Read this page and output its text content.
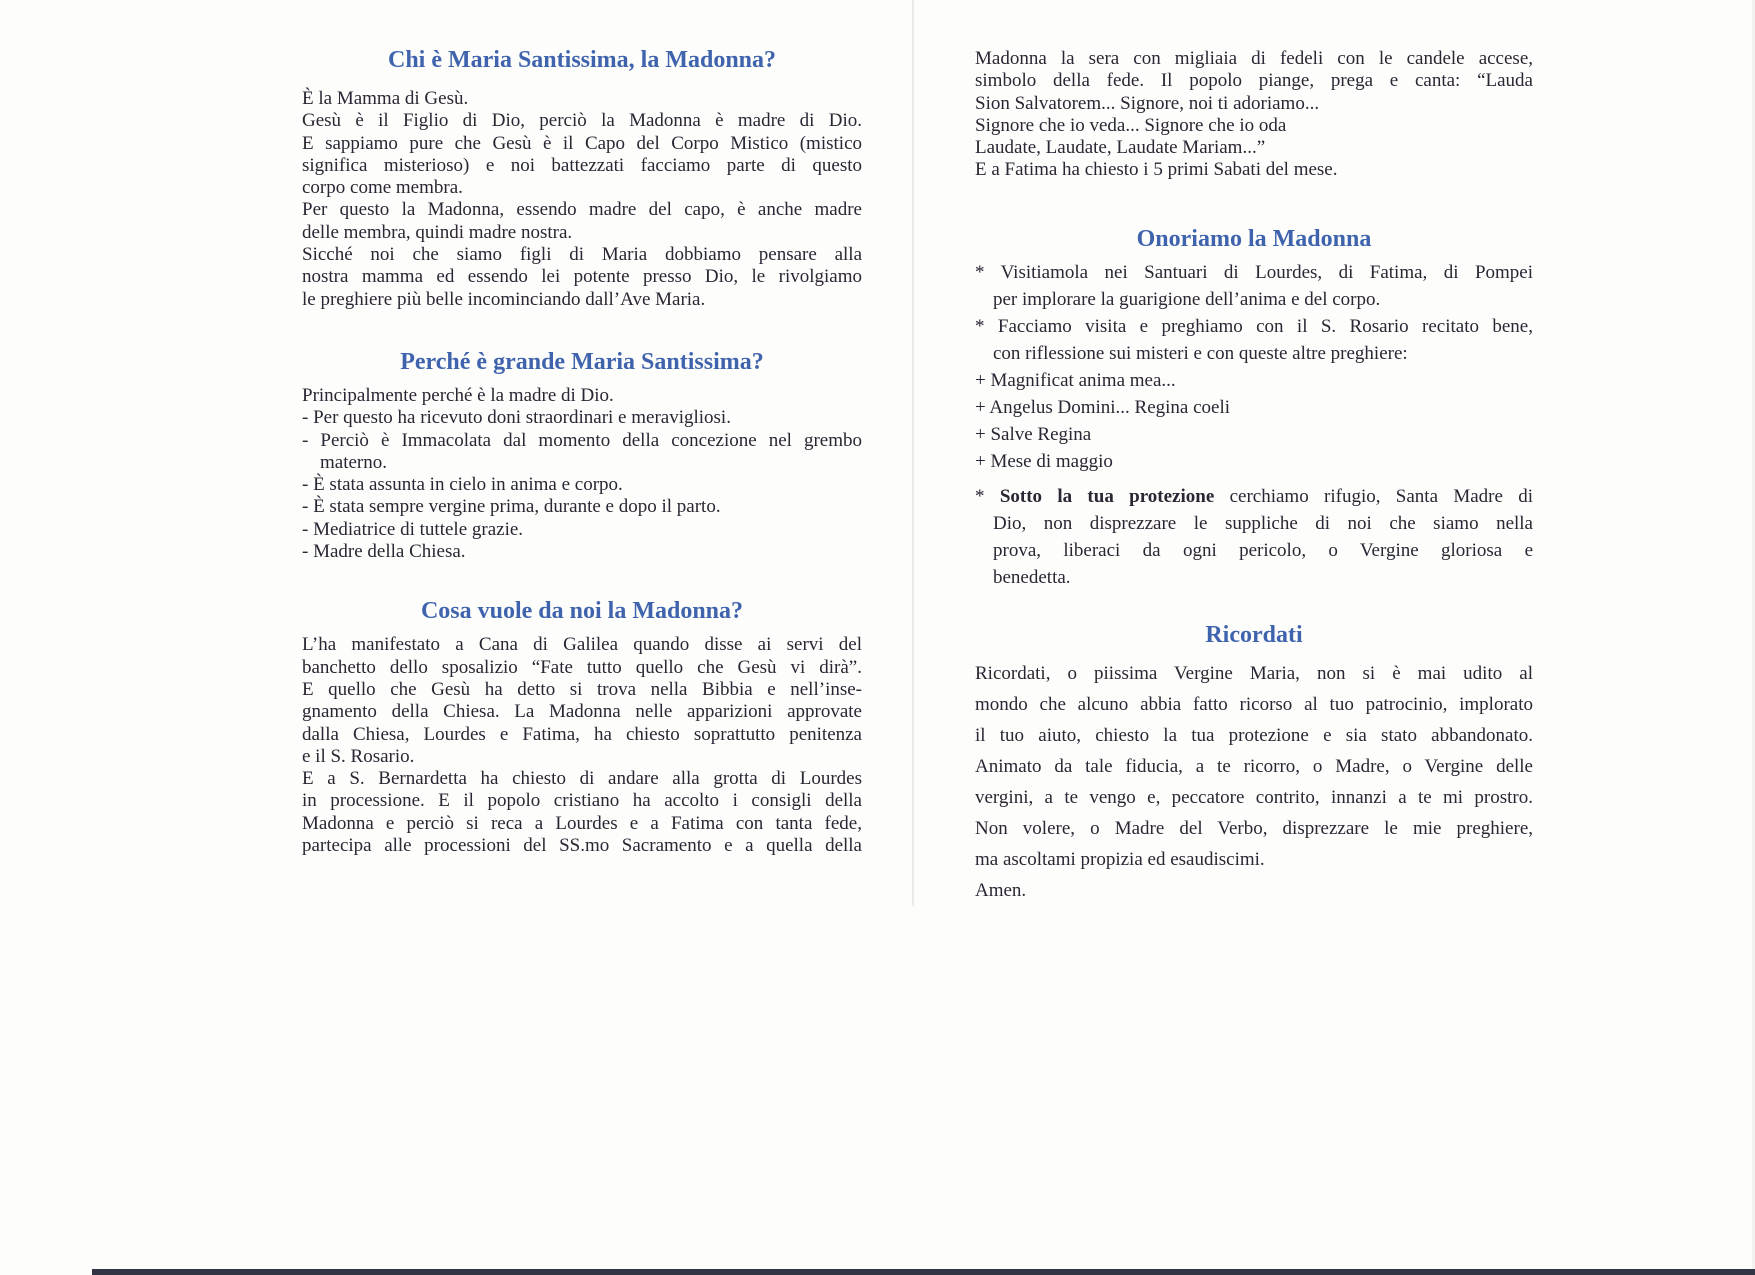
Chi è Maria Santissima, la Madonna?
È la Mamma di Gesù.
Gesù è il Figlio di Dio, perciò la Madonna è madre di Dio.
E sappiamo pure che Gesù è il Capo del Corpo Mistico (mistico
significa misterioso) e noi battezzati facciamo parte di questo
corpo come membra.
Per questo la Madonna, essendo madre del capo, è anche madre
delle membra, quindi madre nostra.
Sicché noi che siamo figli di Maria dobbiamo pensare alla
nostra mamma ed essendo lei potente presso Dio, le rivolgiamo
le preghiere più belle incominciando dall’Ave Maria.
Perché è grande Maria Santissima?
Principalmente perché è la madre di Dio.
- Per questo ha ricevuto doni straordinari e meravigliosi.
- Perciò è Immacolata dal momento della concezione nel grembo
materno.
- È stata assunta in cielo in anima e corpo.
- È stata sempre vergine prima, durante e dopo il parto.
- Mediatrice di tuttele grazie.
- Madre della Chiesa.
Cosa vuole da noi la Madonna?
L’ha manifestato a Cana di Galilea quando disse ai servi del
banchetto dello sposalizio “Fate tutto quello che Gesù vi dirà”.
E quello che Gesù ha detto si trova nella Bibbia e nell’inse-
gnamento della Chiesa. La Madonna nelle apparizioni approvate
dalla Chiesa, Lourdes e Fatima, ha chiesto soprattutto penitenza
e il S. Rosario.
E a S. Bernardetta ha chiesto di andare alla grotta di Lourdes
in processione. E il popolo cristiano ha accolto i consigli della
Madonna e perciò si reca a Lourdes e a Fatima con tanta fede,
partecipa alle processioni del SS.mo Sacramento e a quella della
Madonna la sera con migliaia di fedeli con le candele accese,
simbolo della fede. Il popolo piange, prega e canta: “Lauda
Sion Salvatorem... Signore, noi ti adoriamo...
Signore che io veda... Signore che io oda
Laudate, Laudate, Laudate Mariam...”
E a Fatima ha chiesto i 5 primi Sabati del mese.
Onoriamo la Madonna
* Visitiamola nei Santuari di Lourdes, di Fatima, di Pompei
per implorare la guarigione dell’anima e del corpo.
* Facciamo visita e preghiamo con il S. Rosario recitato bene,
con riflessione sui misteri e con queste altre preghiere:
+ Magnificat anima mea...
+ Angelus Domini... Regina coeli
+ Salve Regina
+ Mese di maggio
* Sotto la tua protezione cerchiamo rifugio, Santa Madre di
Dio, non disprezzare le suppliche di noi che siamo nella
prova, liberaci da ogni pericolo, o Vergine gloriosa e
benedetta.
Ricordati
Ricordati, o piissima Vergine Maria, non si è mai udito al
mondo che alcuno abbia fatto ricorso al tuo patrocinio, implorato
il tuo aiuto, chiesto la tua protezione e sia stato abbandonato.
Animato da tale fiducia, a te ricorro, o Madre, o Vergine delle
vergini, a te vengo e, peccatore contrito, innanzi a te mi prostro.
Non volere, o Madre del Verbo, disprezzare le mie preghiere,
ma ascoltami propizia ed esaudiscimi.
Amen.
